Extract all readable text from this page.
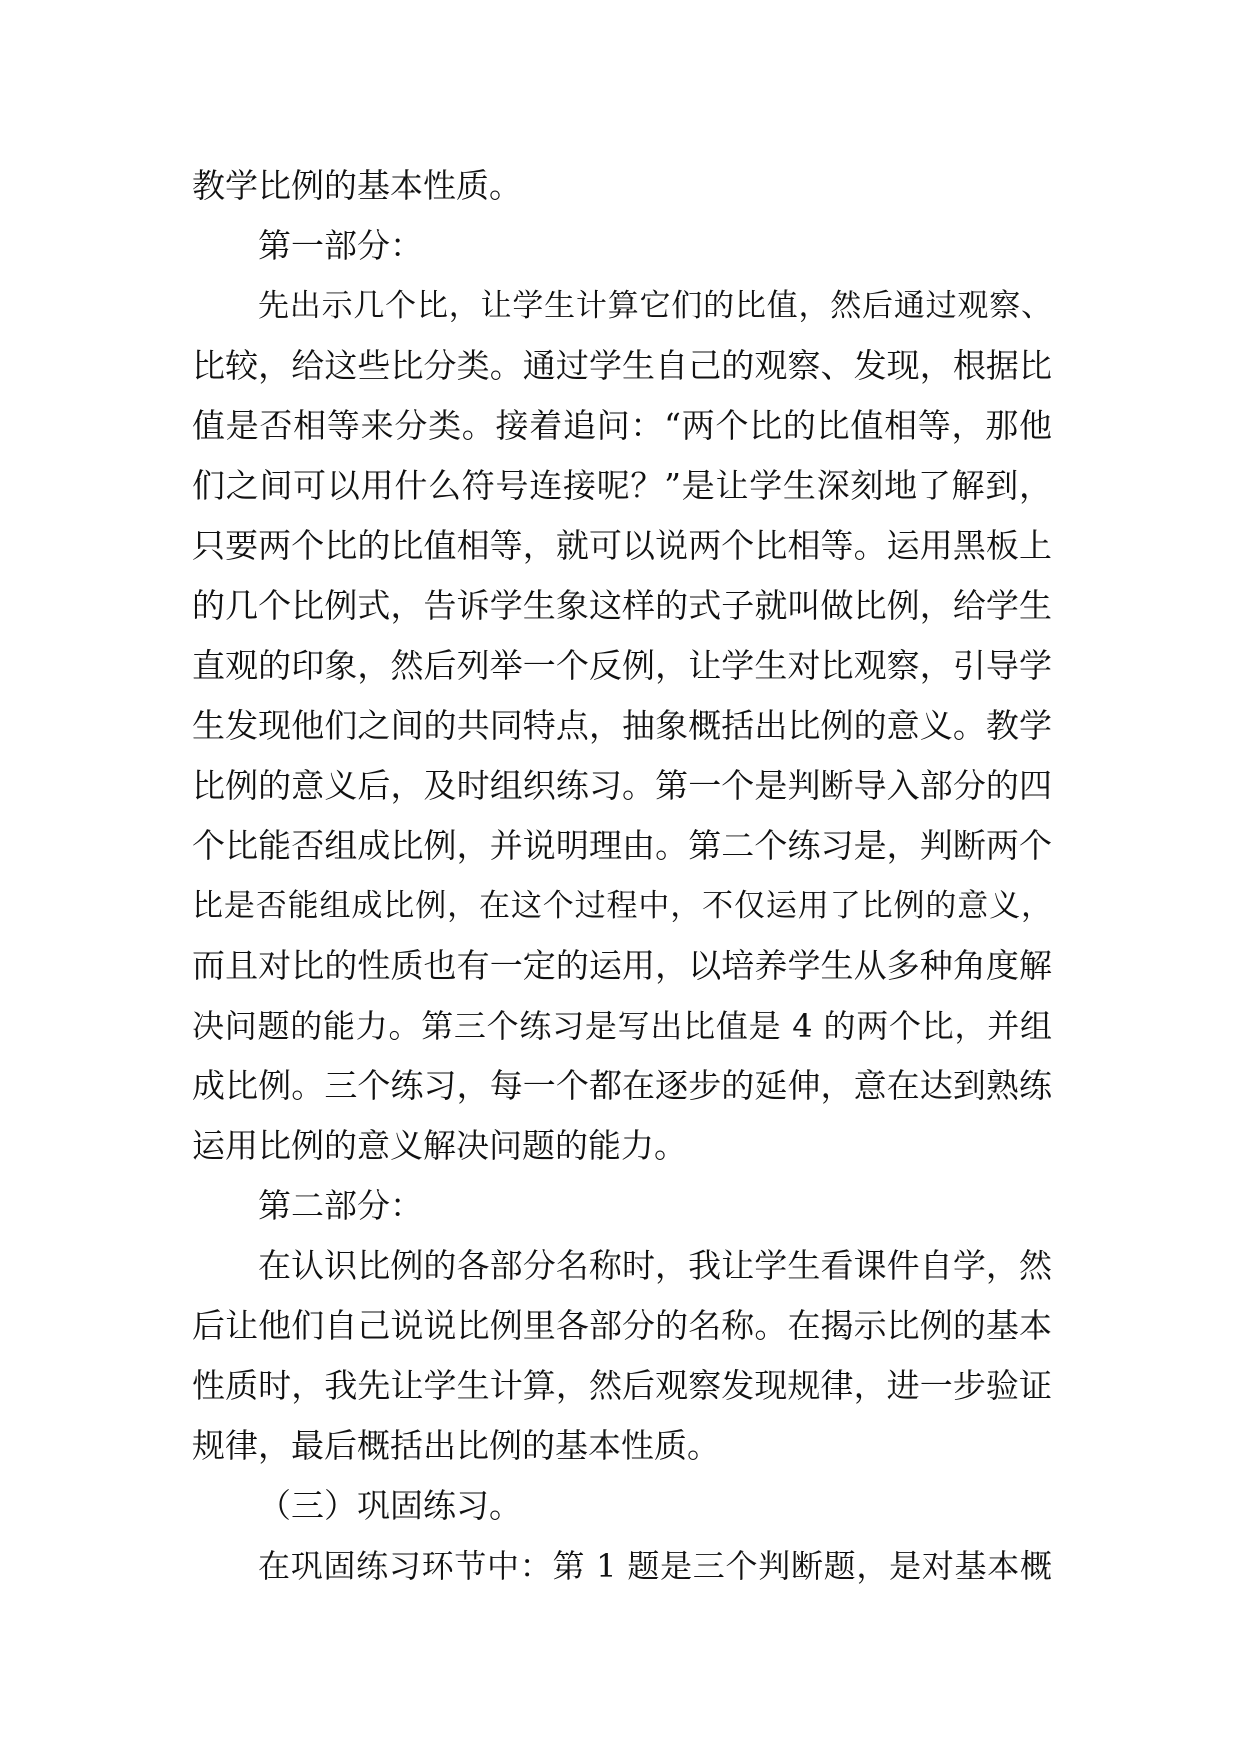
教学比例的基本性质。
第一部分：
先出示几个比，让学生计算它们的比值，然后通过观察、
比较，给这些比分类。通过学生自己的观察、发现，根据比
值是否相等来分类。接着追问：“两个比的比值相等，那他
们之间可以用什么符号连接呢？”是让学生深刻地了解到，
只要两个比的比值相等，就可以说两个比相等。运用黑板上
的几个比例式，告诉学生象这样的式子就叫做比例，给学生
直观的印象，然后列举一个反例，让学生对比观察，引导学
生发现他们之间的共同特点，抽象概括出比例的意义。教学
比例的意义后，及时组织练习。第一个是判断导入部分的四
个比能否组成比例，并说明理由。第二个练习是，判断两个
比是否能组成比例，在这个过程中，不仅运用了比例的意义，
而且对比的性质也有一定的运用，以培养学生从多种角度解
决问题的能力。第三个练习是写出比值是 4 的两个比，并组
成比例。三个练习，每一个都在逐步的延伸，意在达到熟练
运用比例的意义解决问题的能力。
第二部分：
在认识比例的各部分名称时，我让学生看课件自学，然
后让他们自己说说比例里各部分的名称。在揭示比例的基本
性质时，我先让学生计算，然后观察发现规律，进一步验证
规律，最后概括出比例的基本性质。
（三）巩固练习。
在巩固练习环节中：第 1 题是三个判断题，是对基本概
